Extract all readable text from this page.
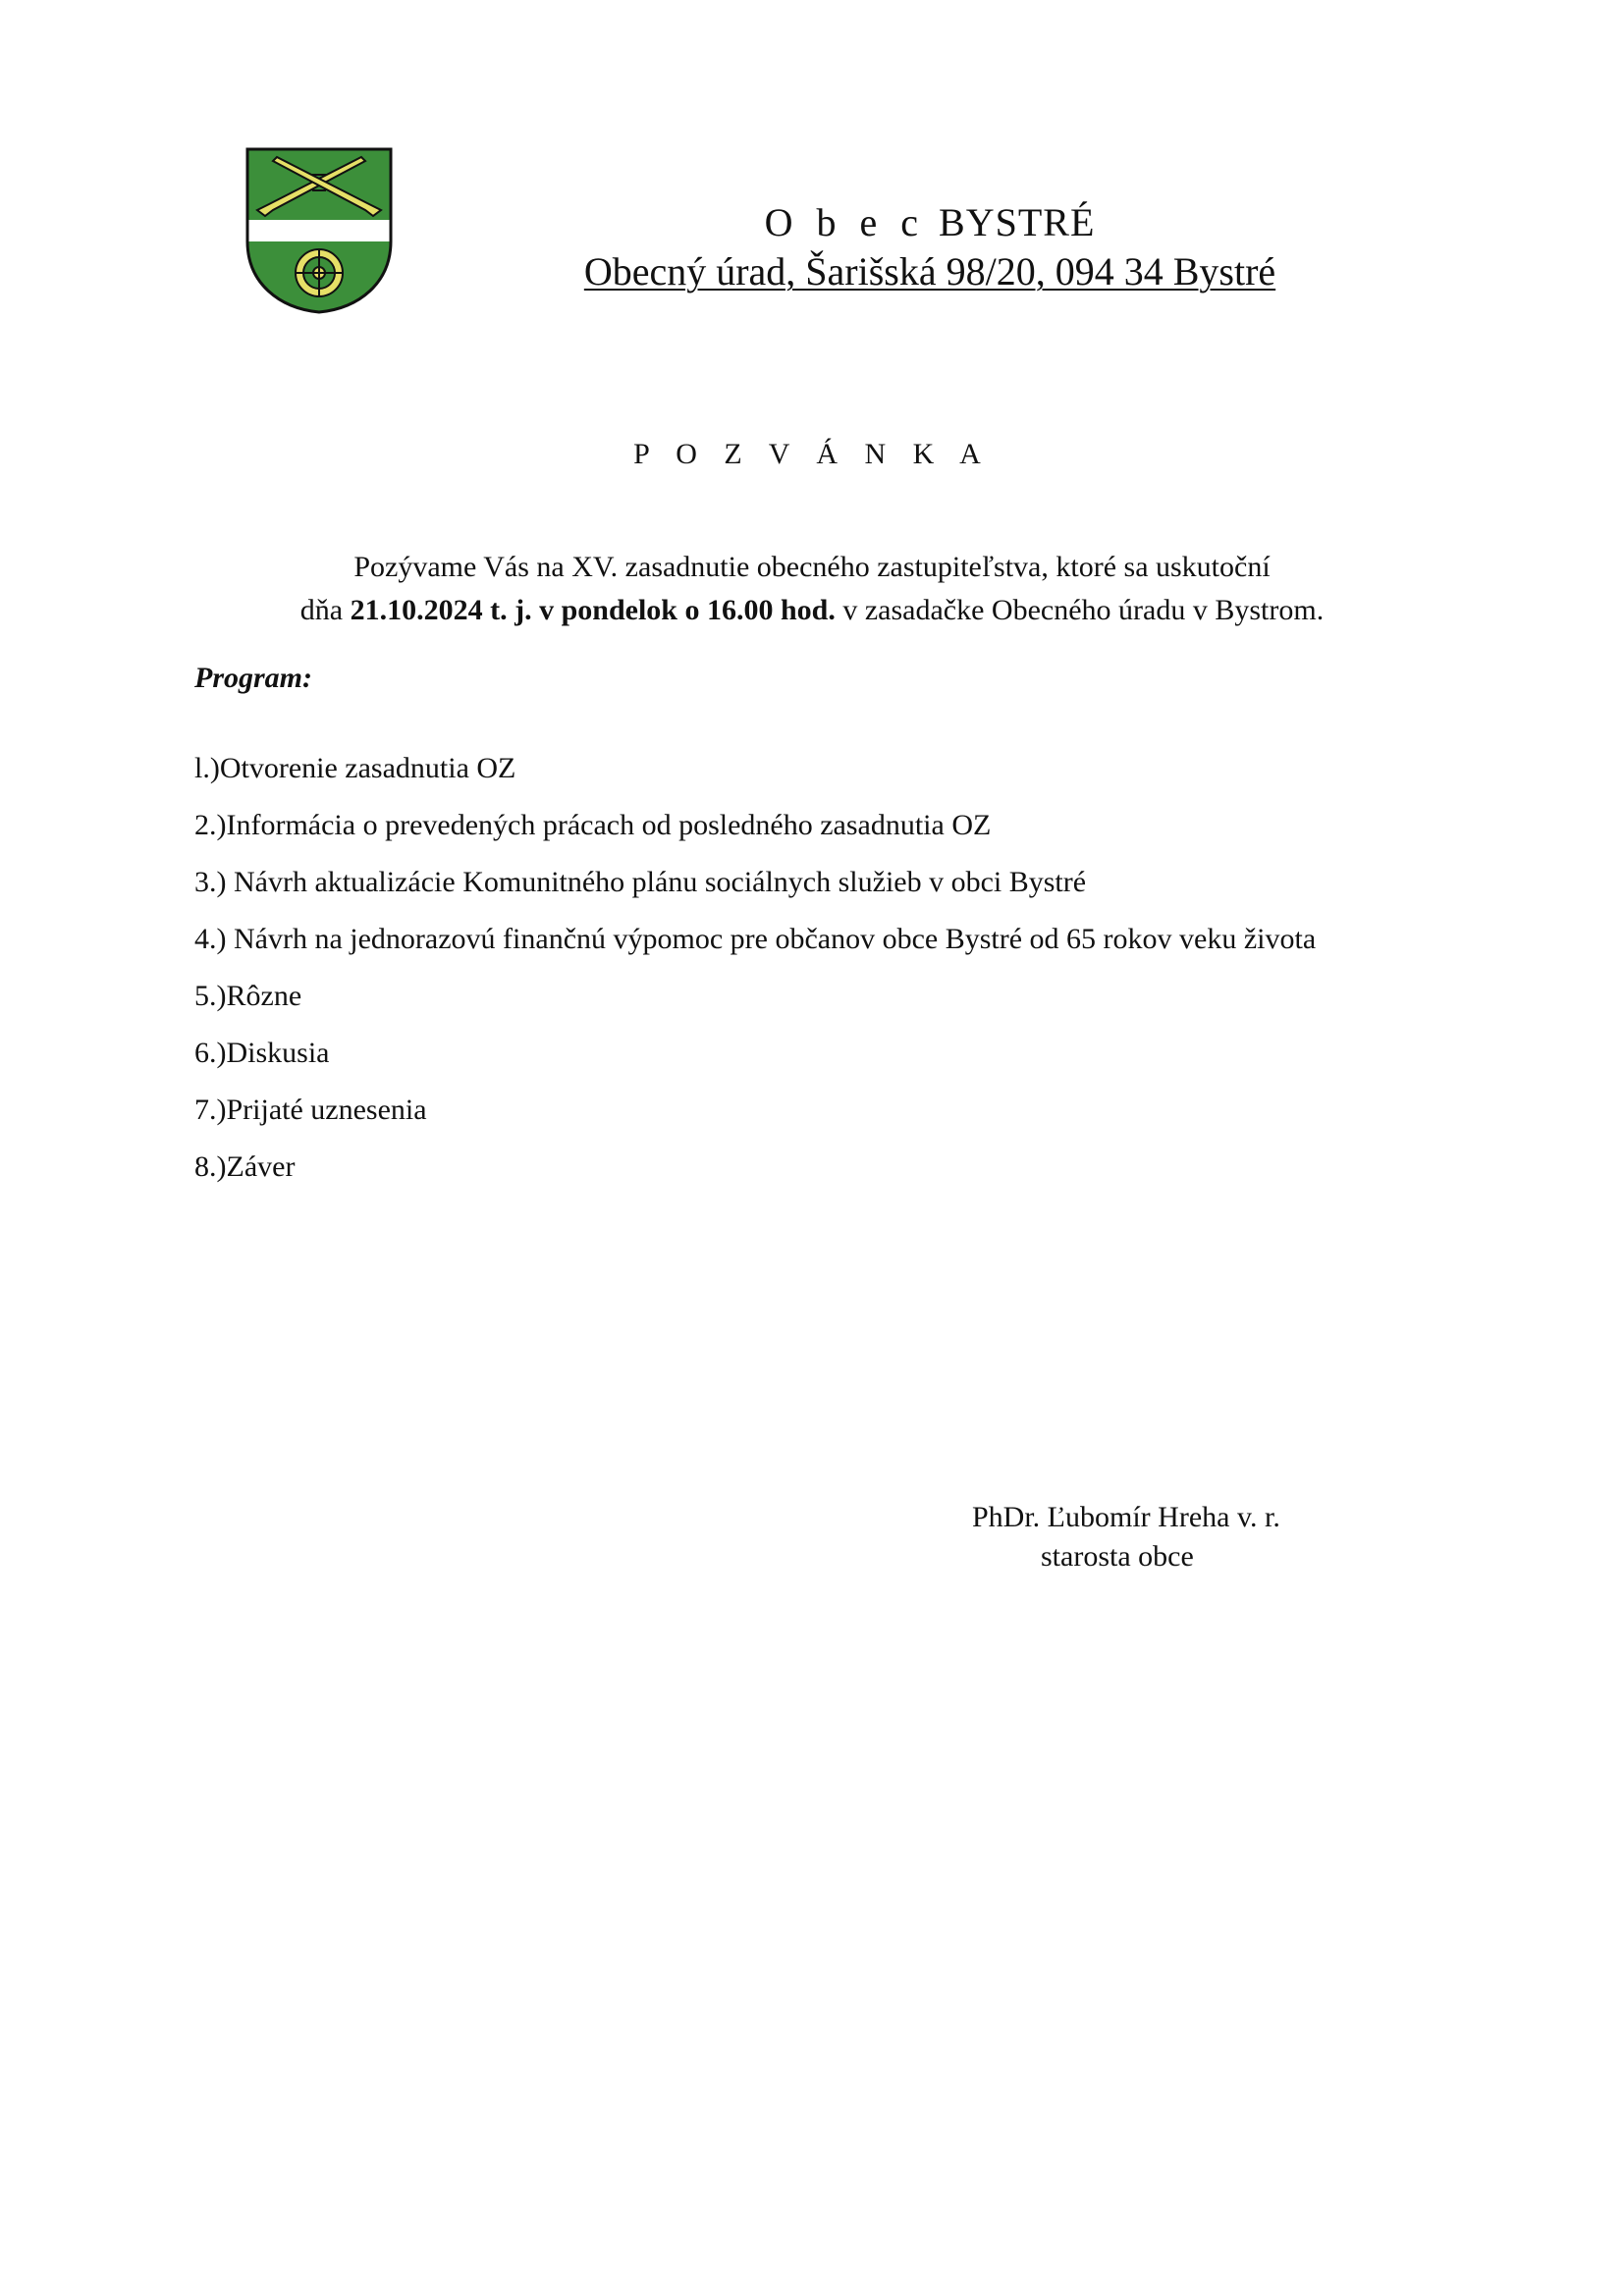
O b e c BYSTRÉ
Obecný úrad, Šarišská 98/20, 094 34 Bystré
P O Z V Á N K A
Pozývame Vás na XV. zasadnutie obecného zastupiteľstva, ktoré sa uskutoční
dňa 21.10.2024 t. j. v pondelok o 16.00 hod. v zasadačke Obecného úradu v Bystrom.
Program:
l.)Otvorenie zasadnutia OZ
2.)Informácia o prevedených prácach od posledného zasadnutia OZ
3.) Návrh aktualizácie Komunitného plánu sociálnych služieb v obci Bystré
4.) Návrh na jednorazovú finančnú výpomoc pre občanov obce Bystré od 65 rokov veku života
5.)Rôzne
6.)Diskusia
7.)Prijaté uznesenia
8.)Záver
PhDr. Ľubomír Hreha v. r.
starosta obce
